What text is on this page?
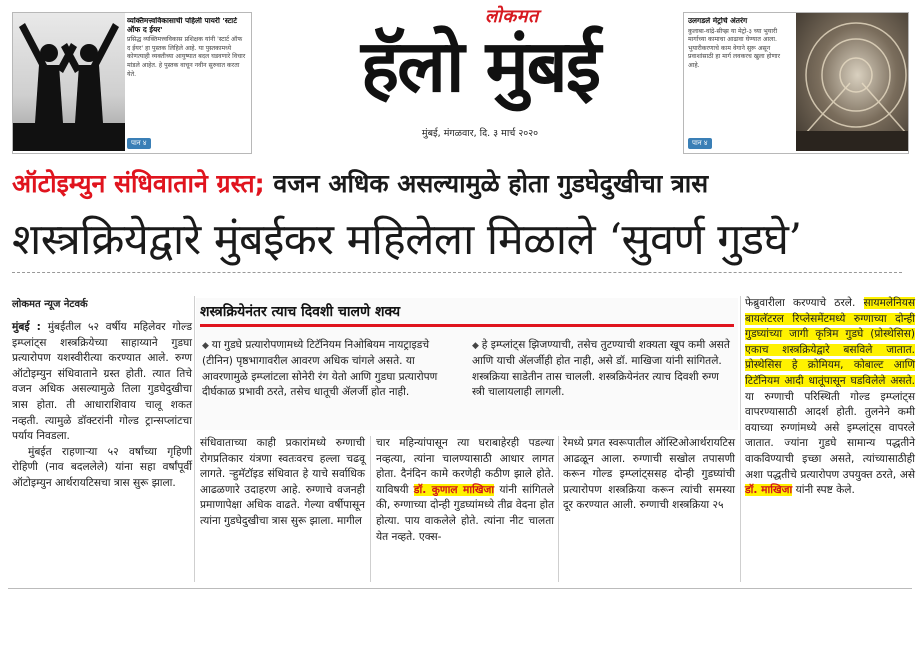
व्यक्तिमत्त्वविकासाची पहिली पायरी 'स्टार्ट ऑफ द ईयर'
प्रसिद्ध व्यक्तिमत्त्वविकास प्रशिक्षक यांनी 'स्टार्ट ऑफ द ईयर' हा पुस्तक लिहिले आहे. या पुस्तकामध्ये कोणत्याही व्यक्तीच्या आयुष्यात बदल घडवणारे विचार मांडले आहेत. हे पुस्तक वाचून नवीन सुरुवात करता येते.
पान ४
लोकमत
हॅलो मुंबई
मुंबई, मंगळवार, दि. ३ मार्च २०२०
उलगडले मेट्रोचे अंतरंग
कुलाबा-वांद्रे-सीप्झ या मेट्रो-३ च्या भुयारी मार्गाच्या कामाचा आढावा घेण्यात आला. भुयारीकरणाचे काम वेगाने सुरू असून प्रवाशांसाठी हा मार्ग लवकरच खुला होणार आहे.
पान ४
ऑटोइम्युन संधिवाताने ग्रस्त; वजन अधिक असल्यामुळे होता गुडघेदुखीचा त्रास
शस्त्रक्रियेद्वारे मुंबईकर महिलेला मिळाले ‘सुवर्ण गुडघे’
लोकमत न्यूज नेटवर्क

मुंबई : मुंबईतील ५२ वर्षीय महिलेवर गोल्ड इम्प्लांट्स शस्त्रक्रियेच्या साहाय्याने गुडघा प्रत्यारोपण यशस्वीरीत्या करण्यात आले. रुग्ण ऑटोइम्युन संधिवाताने ग्रस्त होती. त्यात तिचे वजन अधिक असल्यामुळे तिला गुडघेदुखीचा त्रास होता. ती आधाराशिवाय चालू शकत नव्हती. त्यामुळे डॉक्टरांनी गोल्ड ट्रान्सप्लांटचा पर्याय निवडला.

मुंबईत राहणाऱ्या ५२ वर्षांच्या गृहिणी रोहिणी (नाव बदललेले) यांना सहा वर्षांपूर्वी ऑटोइम्युन आर्थरायटिसचा त्रास सुरू झाला.

शस्त्रक्रियेनंतर त्याच दिवशी चालणे शक्य
◆ या गुडघे प्रत्यारोपणामध्ये टिटॅनियम निओबियम नायट्राइडचे (टीनिन) पृष्ठभागावरील आवरण अधिक चांगले असते. या आवरणामुळे इम्प्लांटला सोनेरी रंग येतो आणि गुडघा प्रत्यारोपण दीर्घकाळ प्रभावी ठरते, तसेच धातूची ॲलर्जी होत नाही.
◆ हे इम्प्लांट्स झिजण्याची, तसेच तुटण्याची शक्यता खूप कमी असते आणि याची ॲलर्जीही होत नाही, असे डॉ. माखिजा यांनी सांगितले. शस्त्रक्रिया साडेतीन तास चालली. शस्त्रक्रियेनंतर त्याच दिवशी रुग्ण स्त्री चालायलाही लागली.
संधिवाताच्या काही प्रकारांमध्ये रुग्णाची रोगप्रतिकार यंत्रणा स्वतःवरच हल्ला चढवू लागते. ऱ्हुमॅटॉइड संधिवात हे याचे सर्वाधिक आढळणारे उदाहरण आहे. रुग्णाचे वजनही प्रमाणापेक्षा अधिक वाढते. गेल्या वर्षीपासून त्यांना गुडघेदुखीचा त्रास सुरू झाला. मागील
चार महिन्यांपासून त्या घराबाहेरही पडल्या नव्हत्या, त्यांना चालण्यासाठी आधार लागत होता. दैनंदिन कामे करणेही कठीण झाले होते. याविषयी डॉ. कुणाल माखिजा यांनी सांगितले की, रुग्णाच्या दोन्ही गुडघ्यांमध्ये तीव्र वेदना होत होत्या. पाय वाकलेले होते. त्यांना नीट चालता येत नव्हते. एक्स-
रेमध्ये प्रगत स्वरूपातील ऑस्टिओआर्थरायटिस आढळून आला. रुग्णाची सखोल तपासणी करून गोल्ड इम्प्लांट्ससह दोन्ही गुडघ्यांची प्रत्यारोपण शस्त्रक्रिया करून त्यांची समस्या दूर करण्यात आली. रुग्णाची शस्त्रक्रिया २५
फेब्रुवारीला करण्याचे ठरले. सायमलेनियस बायलॅटरल रिप्लेसमेंटमध्ये रुग्णाच्या दोन्ही गुडघ्यांच्या जागी कृत्रिम गुडघे (प्रोस्थेसिस) एकाच शस्त्रक्रियेद्वारे बसविले जातात. प्रोस्थेसिस हे क्रोमियम, कोबाल्ट आणि टिटॅनियम आदी धातूंपासून घडविलेले असते. या रुग्णाची परिस्थिती गोल्ड इम्प्लांट्स वापरण्यासाठी आदर्श होती. तुलनेने कमी वयाच्या रुग्णांमध्ये असे इम्प्लांट्स वापरले जातात. ज्यांना गुडघे सामान्य पद्धतीने वाकविण्याची इच्छा असते, त्यांच्यासाठीही अशा पद्धतीचे प्रत्यारोपण उपयुक्त ठरते, असे डॉ. माखिजा यांनी स्पष्ट केले.
